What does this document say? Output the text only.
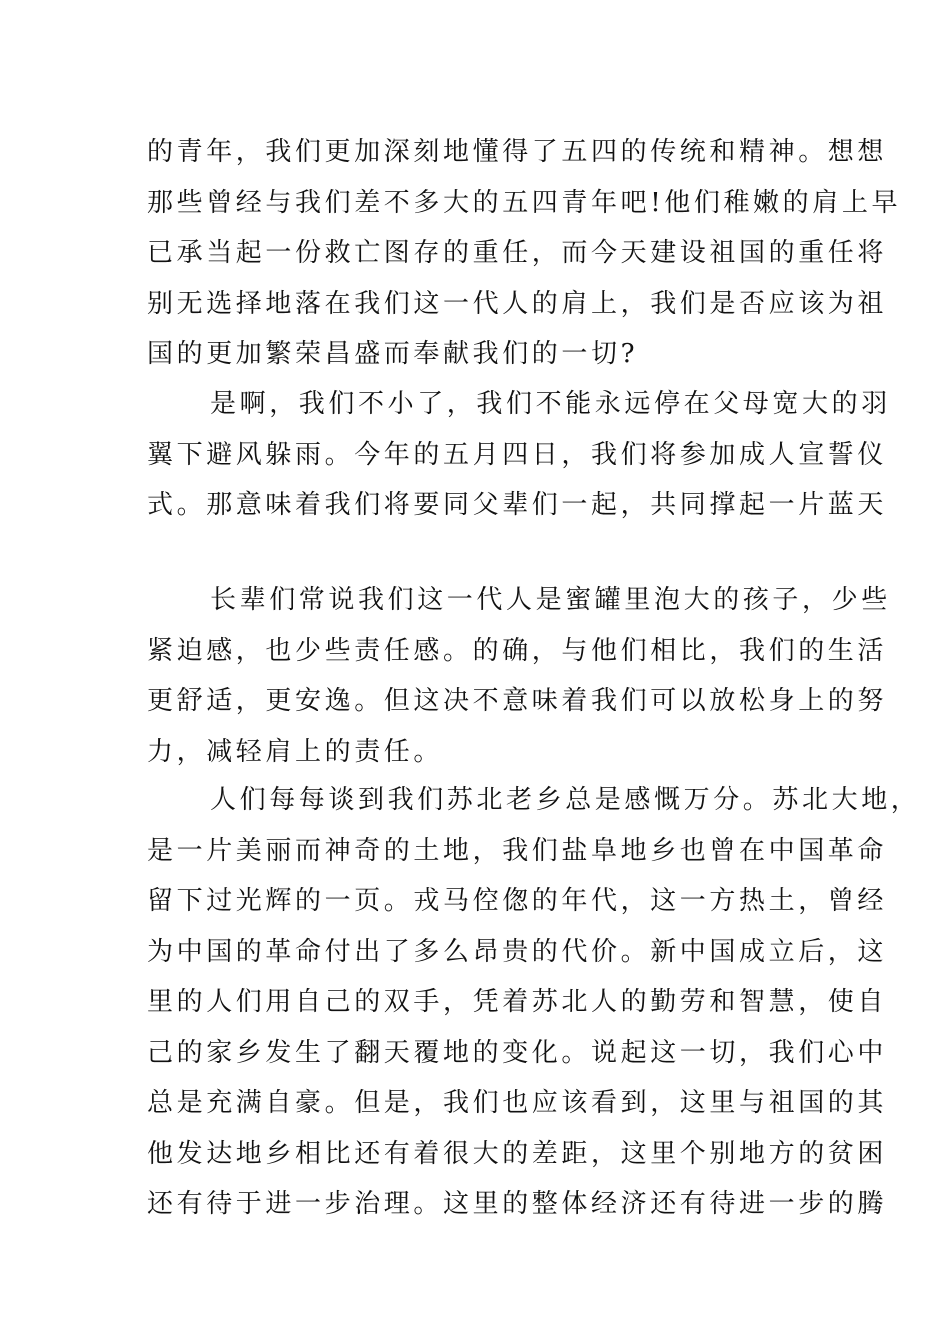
的青年，我们更加深刻地懂得了五四的传统和精神。想想
那些曾经与我们差不多大的五四青年吧!他们稚嫩的肩上早
已承当起一份救亡图存的重任，而今天建设祖国的重任将
别无选择地落在我们这一代人的肩上，我们是否应该为祖
国的更加繁荣昌盛而奉献我们的一切?
是啊，我们不小了，我们不能永远停在父母宽大的羽
翼下避风躲雨。今年的五月四日，我们将参加成人宣誓仪
式。那意味着我们将要同父辈们一起，共同撑起一片蓝天
长辈们常说我们这一代人是蜜罐里泡大的孩子，少些
紧迫感，也少些责任感。的确，与他们相比，我们的生活
更舒适，更安逸。但这决不意味着我们可以放松身上的努
力，减轻肩上的责任。
人们每每谈到我们苏北老乡总是感慨万分。苏北大地，
是一片美丽而神奇的土地，我们盐阜地乡也曾在中国革命
留下过光辉的一页。戎马倥偬的年代，这一方热土，曾经
为中国的革命付出了多么昂贵的代价。新中国成立后，这
里的人们用自己的双手，凭着苏北人的勤劳和智慧，使自
己的家乡发生了翻天覆地的变化。说起这一切，我们心中
总是充满自豪。但是，我们也应该看到，这里与祖国的其
他发达地乡相比还有着很大的差距，这里个别地方的贫困
还有待于进一步治理。这里的整体经济还有待进一步的腾
